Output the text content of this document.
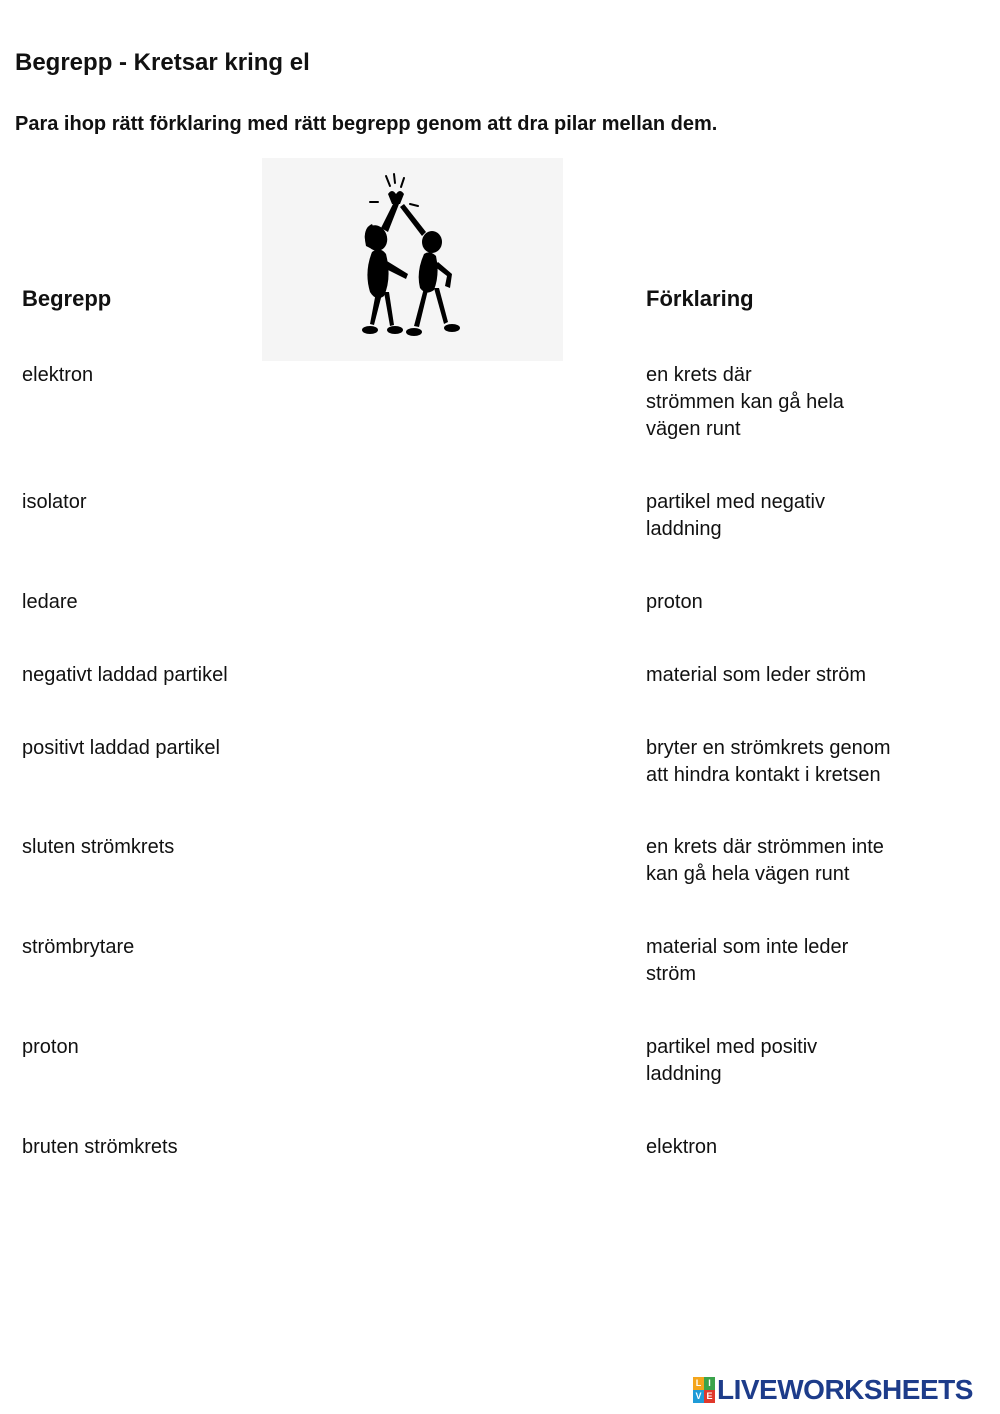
Begrepp - Kretsar kring el

Para ihop rätt förklaring med rätt begrepp genom att dra pilar mellan dem.

Begrepp	Förklaring

elektron

isolator

ledare

negativt laddad partikel

positivt laddad partikel

sluten strömkrets

strömbrytare

proton

bruten strömkrets

en krets där
strömmen kan gå hela
vägen runt

partikel med negativ
laddning

proton

material som leder ström

bryter en strömkrets genom
att hindra kontakt i kretsen

en krets där strömmen inte
kan gå hela vägen runt

material som inte leder
ström

partikel med positiv
laddning

elektron

L I
V E LIVEWORKSHEETS
